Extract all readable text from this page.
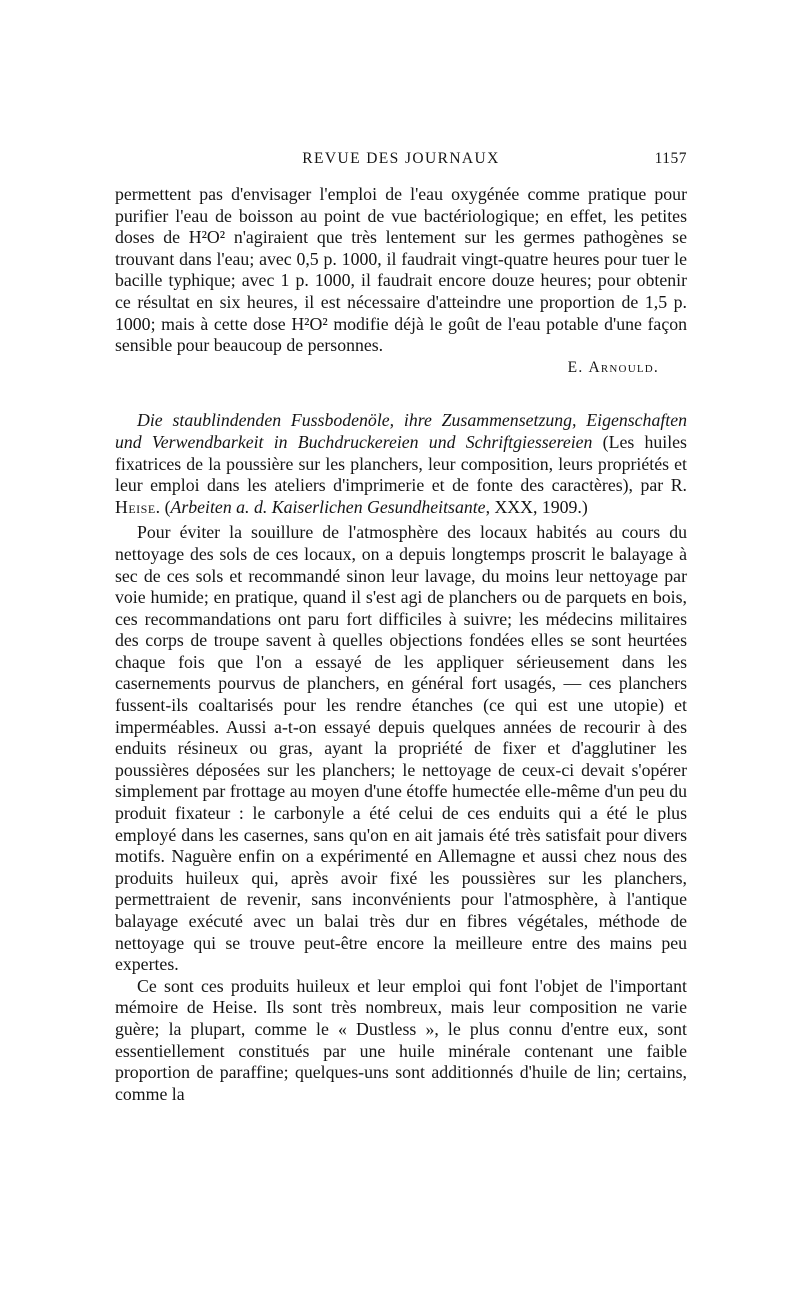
REVUE DES JOURNAUX	1157

permettent pas d'envisager l'emploi de l'eau oxygénée comme pratique pour purifier l'eau de boisson au point de vue bactériologique; en effet, les petites doses de H²O² n'agiraient que très lentement sur les germes pathogènes se trouvant dans l'eau; avec 0,5 p. 1000, il faudrait vingt-quatre heures pour tuer le bacille typhique; avec 1 p. 1000, il faudrait encore douze heures; pour obtenir ce résultat en six heures, il est nécessaire d'atteindre une proportion de 1,5 p. 1000; mais à cette dose H²O² modifie déjà le goût de l'eau potable d'une façon sensible pour beaucoup de personnes.

E. Arnould.

Die staublindenden Fussbodenöle, ihre Zusammensetzung, Eigenschaften und Verwendbarkeit in Buchdruckereien und Schriftgiessereien (Les huiles fixatrices de la poussière sur les planchers, leur composition, leurs propriétés et leur emploi dans les ateliers d'imprimerie et de fonte des caractères), par R. Heise. (Arbeiten a. d. Kaiserlichen Gesundheitsante, XXX, 1909.)

Pour éviter la souillure de l'atmosphère des locaux habités au cours du nettoyage des sols de ces locaux, on a depuis longtemps proscrit le balayage à sec de ces sols et recommandé sinon leur lavage, du moins leur nettoyage par voie humide; en pratique, quand il s'est agi de planchers ou de parquets en bois, ces recommandations ont paru fort difficiles à suivre; les médecins militaires des corps de troupe savent à quelles objections fondées elles se sont heurtées chaque fois que l'on a essayé de les appliquer sérieusement dans les casernements pourvus de planchers, en général fort usagés, — ces planchers fussent-ils coaltarisés pour les rendre étanches (ce qui est une utopie) et imperméables. Aussi a-t-on essayé depuis quelques années de recourir à des enduits résineux ou gras, ayant la propriété de fixer et d'agglutiner les poussières déposées sur les planchers; le nettoyage de ceux-ci devait s'opérer simplement par frottage au moyen d'une étoffe humectée elle-même d'un peu du produit fixateur : le carbonyle a été celui de ces enduits qui a été le plus employé dans les casernes, sans qu'on en ait jamais été très satisfait pour divers motifs. Naguère enfin on a expérimenté en Allemagne et aussi chez nous des produits huileux qui, après avoir fixé les poussières sur les planchers, permettraient de revenir, sans inconvénients pour l'atmosphère, à l'antique balayage exécuté avec un balai très dur en fibres végétales, méthode de nettoyage qui se trouve peut-être encore la meilleure entre des mains peu expertes.

Ce sont ces produits huileux et leur emploi qui font l'objet de l'important mémoire de Heise. Ils sont très nombreux, mais leur composition ne varie guère; la plupart, comme le « Dustless », le plus connu d'entre eux, sont essentiellement constitués par une huile minérale contenant une faible proportion de paraffine; quelques-uns sont additionnés d'huile de lin; certains, comme la
